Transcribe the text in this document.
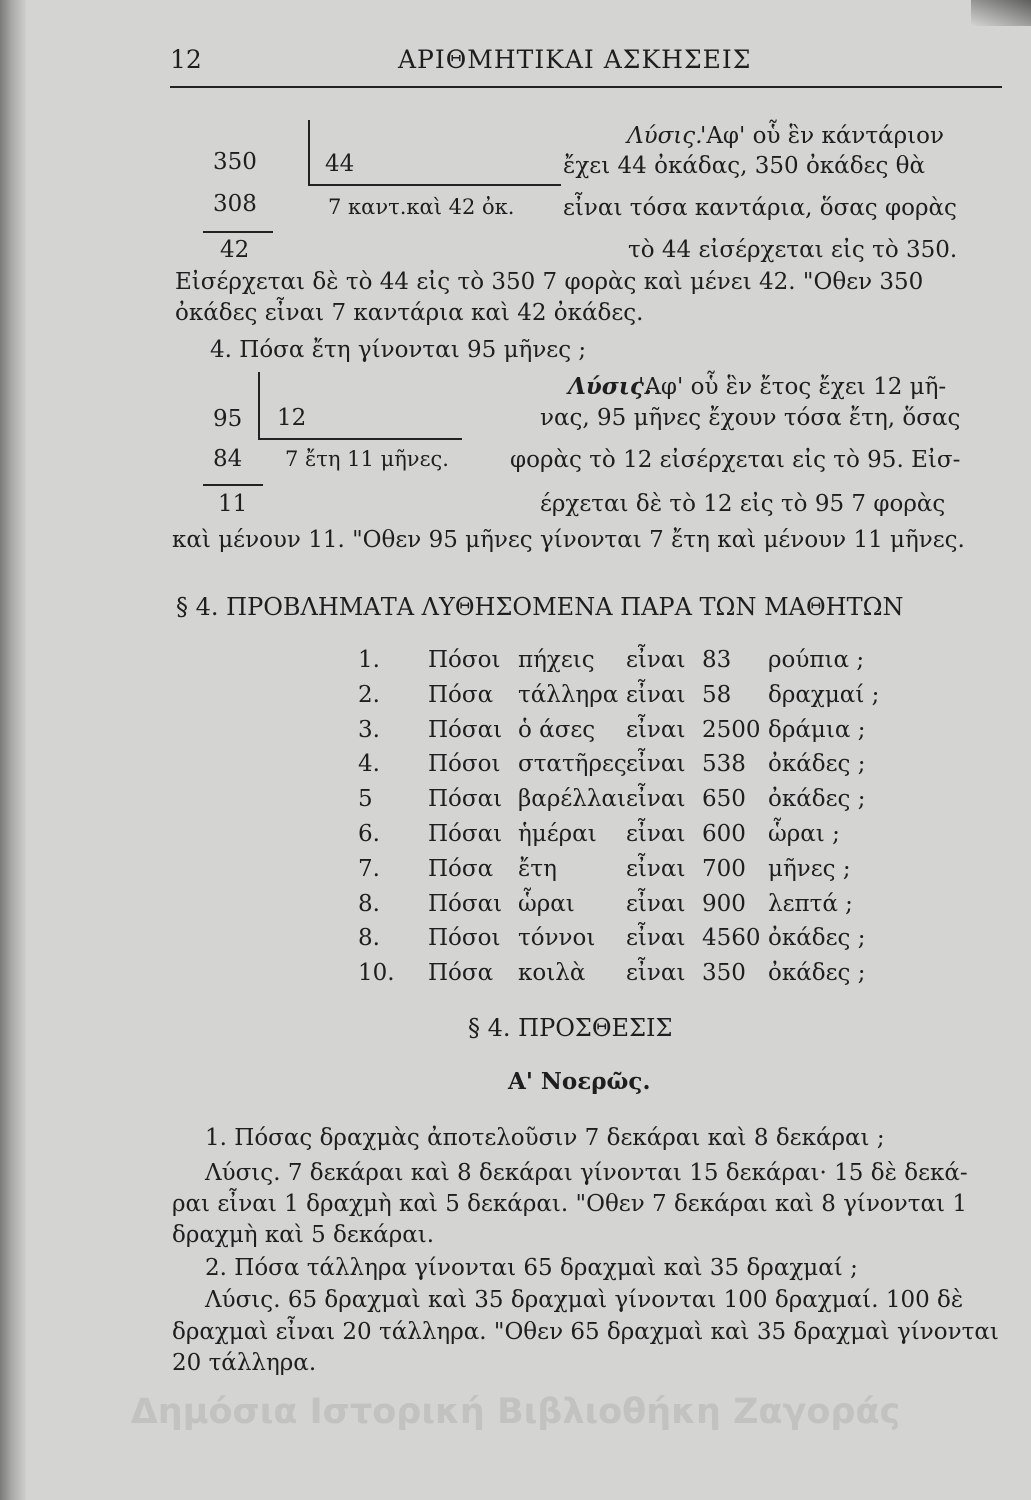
12	ΑΡΙΘΜΗΤΙΚΑΙ ΑΣΚΗΣΕΙΣ
350
308
42
44
7 καντ.καὶ 42 ὀκ.
Λύσις.
'Αφ' οὗ ἓν κάντάριον
ἔχει 44 ὀκάδας, 350 ὀκάδες θὰ
εἶναι τόσα καντάρια, ὅσας φορὰς
τὸ 44 εἰσέρχεται εἰς τὸ 350.
Εἰσέρχεται δὲ τὸ 44 εἰς τὸ 350 7 φορὰς καὶ μένει 42. "Οθεν 350
ὀκάδες εἶναι 7 καντάρια καὶ 42 ὀκάδες.
4. Πόσα ἔτη γίνονται 95 μῆνες ;
95
84
11
12
7 ἔτη 11 μῆνες.
Λύσις.
'Αφ' οὗ ἓν ἔτος ἔχει 12 μῆ-
νας, 95 μῆνες ἔχουν τόσα ἔτη, ὅσας
φορὰς τὸ 12 εἰσέρχεται εἰς τὸ 95. Εἰσ-
έρχεται δὲ τὸ 12 εἰς τὸ 95 7 φορὰς
καὶ μένουν 11. "Οθεν 95 μῆνες γίνονται 7 ἔτη καὶ μένουν 11 μῆνες.
§ 4. ΠΡΟΒΛΗΜΑΤΑ ΛΥΘΗΣΟΜΕΝΑ ΠΑΡΑ ΤΩΝ ΜΑΘΗΤΩΝ
1. Πόσοι πήχεις εἶναι 83 ρούπια ;
2. Πόσα τάλληρα εἶναι 58 δραχμαί ;
3. Πόσαι ὁ άσες εἶναι 2500 δράμια ;
4. Πόσοι στατῆρες εἶναι 538 ὀκάδες ;
5 Πόσαι βαρέλλαι εἶναι 650 ὀκάδες ;
6. Πόσαι ἡμέραι εἶναι 600 ὧραι ;
7. Πόσα ἔτη	εἶναι 700 μῆνες ;
8. Πόσαι ὧραι εἶναι 900 λεπτά ;
8. Πόσοι τόννοι εἶναι 4560 ὀκάδες ;
10. Πόσα κοιλὰ εἶναι 350 ὀκάδες ;
§ 4. ΠΡΟΣΘΕΣΙΣ
Α' Νοερῶς.
1. Πόσας δραχμὰς ἀποτελοῦσιν 7 δεκάραι καὶ 8 δεκάραι ;
Λύσις. 7 δεκάραι καὶ 8 δεκάραι γίνονται 15 δεκάραι· 15 δὲ δεκά-
ραι εἶναι 1 δραχμὴ καὶ 5 δεκάραι. "Οθεν 7 δεκάραι καὶ 8 γίνονται 1
δραχμὴ καὶ 5 δεκάραι.
2. Πόσα τάλληρα γίνονται 65 δραχμαὶ καὶ 35 δραχμαί ;
Λύσις. 65 δραχμαὶ καὶ 35 δραχμαὶ γίνονται 100 δραχμαί. 100 δὲ
δραχμαὶ εἶναι 20 τάλληρα. "Οθεν 65 δραχμαὶ καὶ 35 δραχμαὶ γίνονται
20 τάλληρα.
Δημόσια Ιστορική Βιβλιοθήκη Ζαγοράς
